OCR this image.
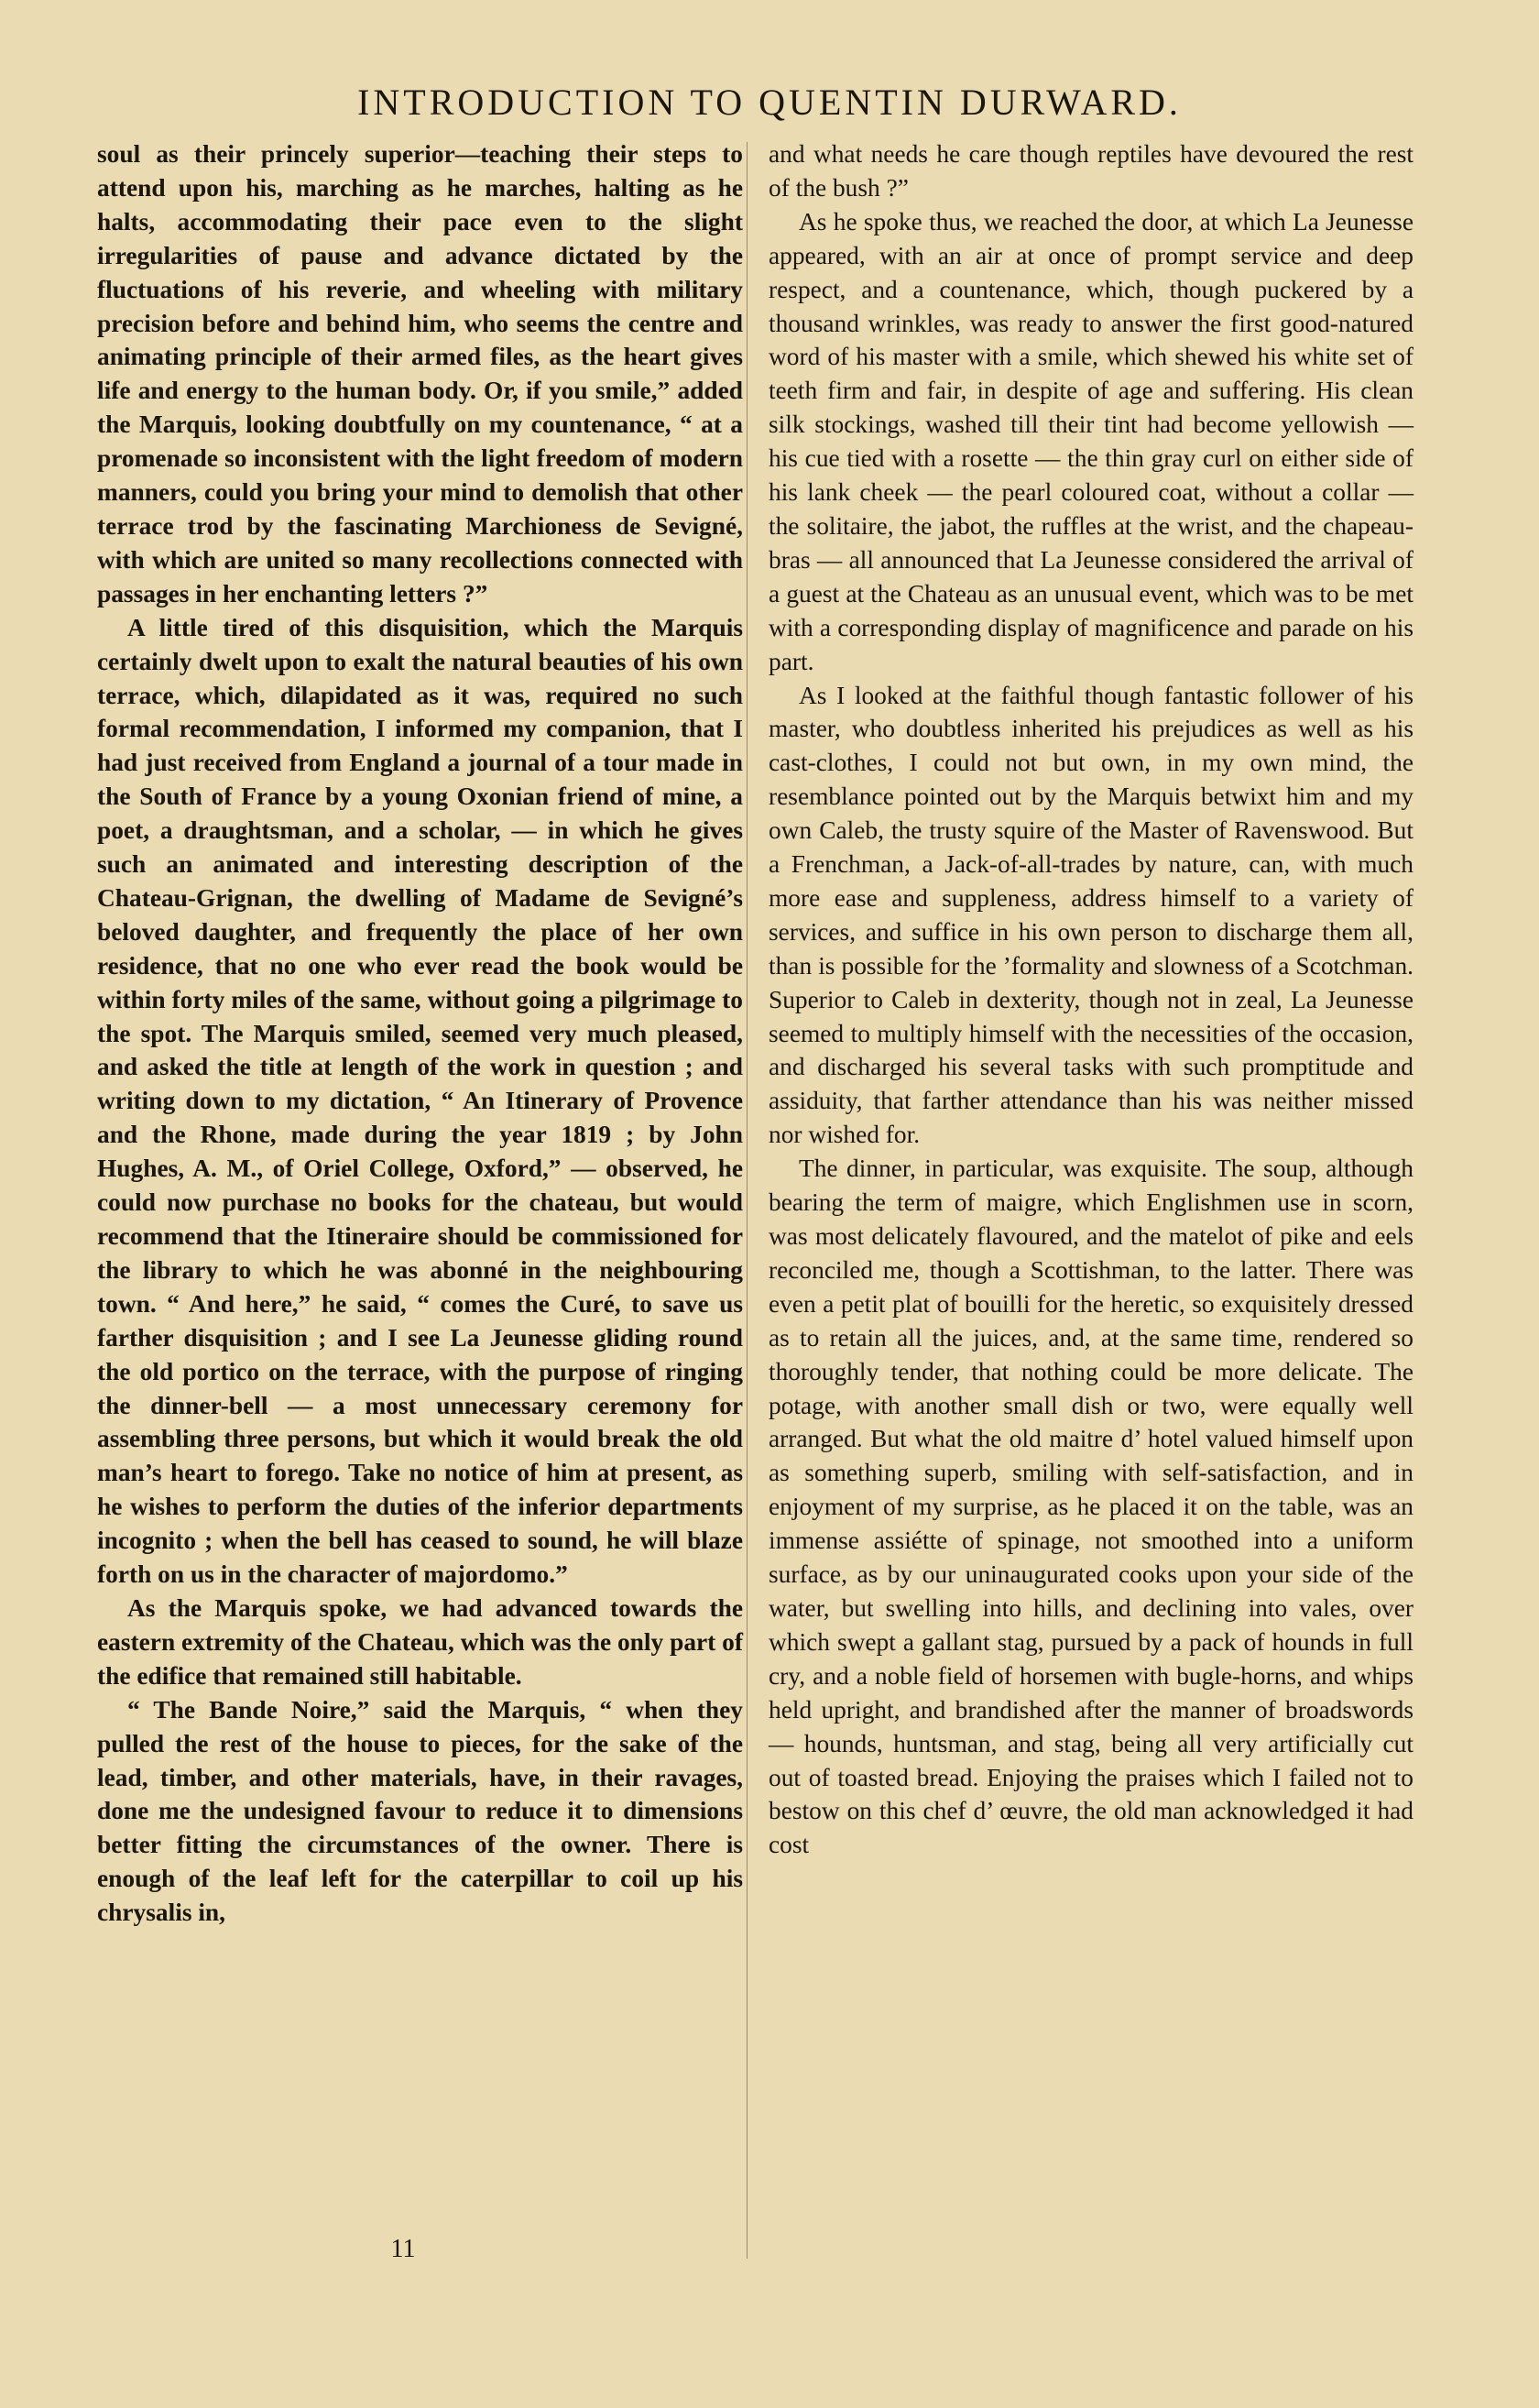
INTRODUCTION TO QUENTIN DURWARD.

soul as their princely superior—teaching their steps to attend upon his, marching as he marches, halting as he halts, accommodating their pace even to the slight irregularities of pause and advance dictated by the fluctuations of his reverie, and wheeling with military precision before and behind him, who seems the centre and animating principle of their armed files, as the heart gives life and energy to the human body. Or, if you smile,” added the Marquis, looking doubtfully on my countenance, “ at a promenade so inconsistent with the light freedom of modern manners, could you bring your mind to demolish that other terrace trod by the fascinating Marchioness de Sevigné, with which are united so many recollections connected with passages in her enchanting letters ?”

A little tired of this disquisition, which the Marquis certainly dwelt upon to exalt the natural beauties of his own terrace, which, dilapidated as it was, required no such formal recommendation, I informed my companion, that I had just received from England a journal of a tour made in the South of France by a young Oxonian friend of mine, a poet, a draughtsman, and a scholar, — in which he gives such an animated and interesting description of the Chateau-Grignan, the dwelling of Madame de Sevigné’s beloved daughter, and frequently the place of her own residence, that no one who ever read the book would be within forty miles of the same, without going a pilgrimage to the spot. The Marquis smiled, seemed very much pleased, and asked the title at length of the work in question ; and writing down to my dictation, “ An Itinerary of Provence and the Rhone, made during the year 1819 ; by John Hughes, A. M., of Oriel College, Oxford,” — observed, he could now purchase no books for the chateau, but would recommend that the Itineraire should be commissioned for the library to which he was abonné in the neighbouring town. “ And here,” he said, “ comes the Curé, to save us farther disquisition ; and I see La Jeunesse gliding round the old portico on the terrace, with the purpose of ringing the dinner-bell — a most unnecessary ceremony for assembling three persons, but which it would break the old man’s heart to forego. Take no notice of him at present, as he wishes to perform the duties of the inferior departments incognito ; when the bell has ceased to sound, he will blaze forth on us in the character of majordomo.”

As the Marquis spoke, we had advanced towards the eastern extremity of the Chateau, which was the only part of the edifice that remained still habitable.

“ The Bande Noire,” said the Marquis, “ when they pulled the rest of the house to pieces, for the sake of the lead, timber, and other materials, have, in their ravages, done me the undesigned favour to reduce it to dimensions better fitting the circumstances of the owner. There is enough of the leaf left for the caterpillar to coil up his chrysalis in,

and what needs he care though reptiles have devoured the rest of the bush ?”

As he spoke thus, we reached the door, at which La Jeunesse appeared, with an air at once of prompt service and deep respect, and a countenance, which, though puckered by a thousand wrinkles, was ready to answer the first good-natured word of his master with a smile, which shewed his white set of teeth firm and fair, in despite of age and suffering. His clean silk stockings, washed till their tint had become yellowish — his cue tied with a rosette — the thin gray curl on either side of his lank cheek — the pearl coloured coat, without a collar — the solitaire, the jabot, the ruffles at the wrist, and the chapeau-bras — all announced that La Jeunesse considered the arrival of a guest at the Chateau as an unusual event, which was to be met with a corresponding display of magnificence and parade on his part.

As I looked at the faithful though fantastic follower of his master, who doubtless inherited his prejudices as well as his cast-clothes, I could not but own, in my own mind, the resemblance pointed out by the Marquis betwixt him and my own Caleb, the trusty squire of the Master of Ravenswood. But a Frenchman, a Jack-of-all-trades by nature, can, with much more ease and suppleness, address himself to a variety of services, and suffice in his own person to discharge them all, than is possible for the ’formality and slowness of a Scotchman. Superior to Caleb in dexterity, though not in zeal, La Jeunesse seemed to multiply himself with the necessities of the occasion, and discharged his several tasks with such promptitude and assiduity, that farther attendance than his was neither missed nor wished for.

The dinner, in particular, was exquisite. The soup, although bearing the term of maigre, which Englishmen use in scorn, was most delicately flavoured, and the matelot of pike and eels reconciled me, though a Scottishman, to the latter. There was even a petit plat of bouilli for the heretic, so exquisitely dressed as to retain all the juices, and, at the same time, rendered so thoroughly tender, that nothing could be more delicate. The potage, with another small dish or two, were equally well arranged. But what the old maitre d’ hotel valued himself upon as something superb, smiling with self-satisfaction, and in enjoyment of my surprise, as he placed it on the table, was an immense assiétte of spinage, not smoothed into a uniform surface, as by our uninaugurated cooks upon your side of the water, but swelling into hills, and declining into vales, over which swept a gallant stag, pursued by a pack of hounds in full cry, and a noble field of horsemen with bugle-horns, and whips held upright, and brandished after the manner of broadswords — hounds, huntsman, and stag, being all very artificially cut out of toasted bread. Enjoying the praises which I failed not to bestow on this chef d’ œuvre, the old man acknowledged it had cost

11
